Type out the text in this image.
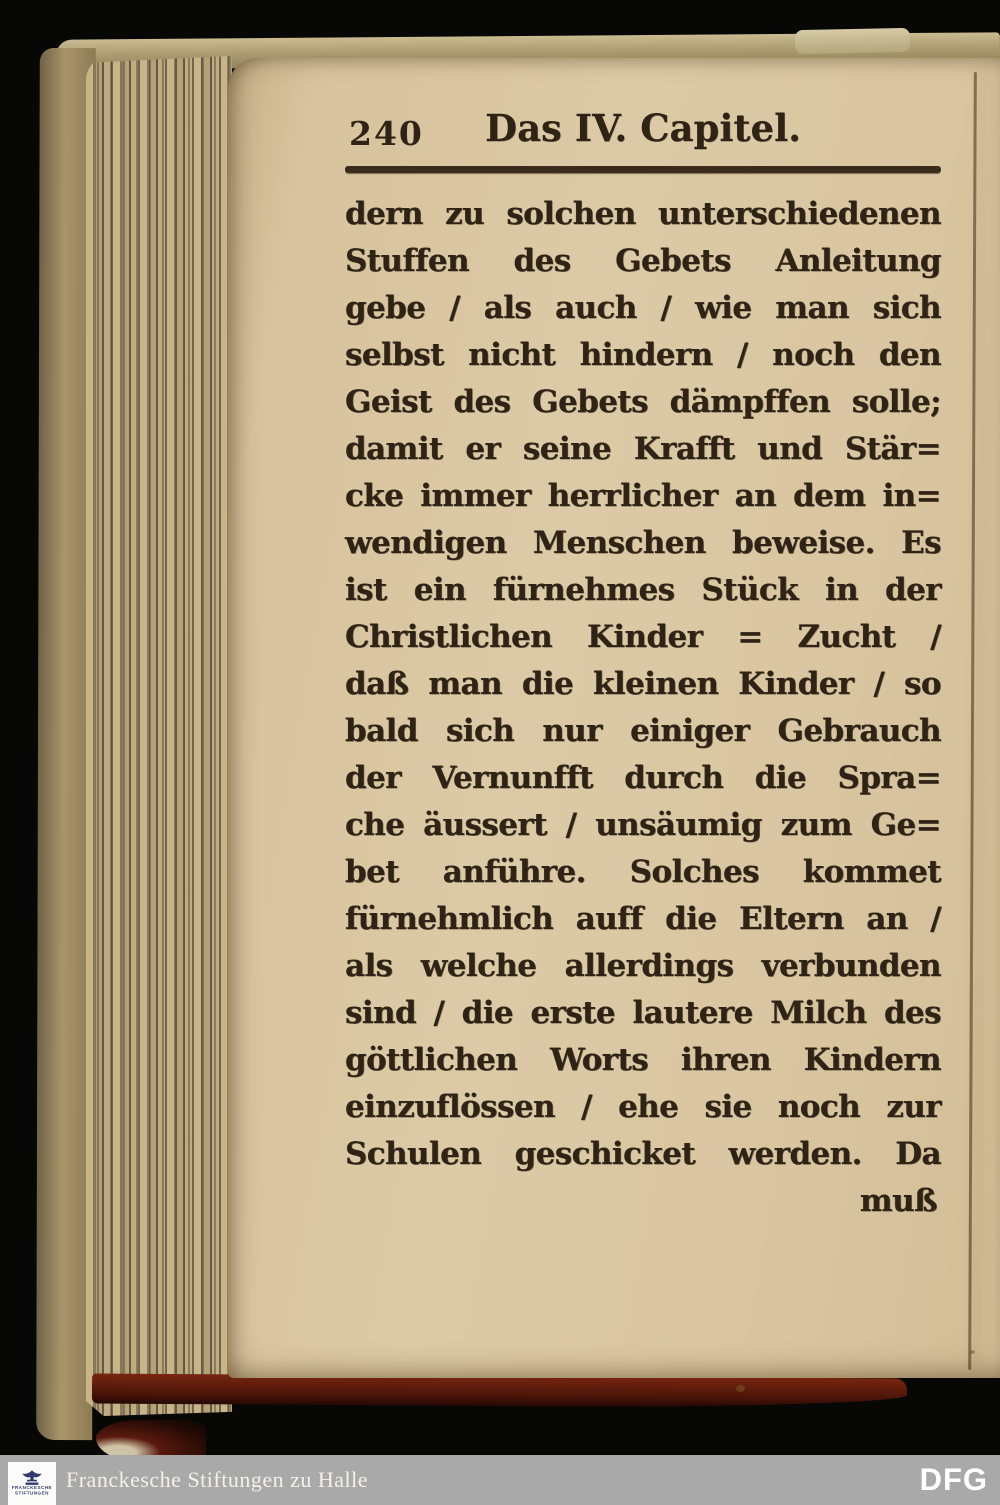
240	Das IV. Capitel.
dern zu solchen unterschiedenen
Stuffen des Gebets Anleitung
gebe / als auch / wie man sich
selbst nicht hindern / noch den
Geist des Gebets dämpffen solle;
damit er seine Krafft und Stär=
cke immer herrlicher an dem in=
wendigen Menschen beweise. Es
ist ein fürnehmes Stück in der
Christlichen Kinder = Zucht /
daß man die kleinen Kinder / so
bald sich nur einiger Gebrauch
der Vernunfft durch die Spra=
che äussert / unsäumig zum Ge=
bet anführe. Solches kommet
fürnehmlich auff die Eltern an /
als welche allerdings verbunden
sind / die erste lautere Milch des
göttlichen Worts ihren Kindern
einzuflössen / ehe sie noch zur
Schulen geschicket werden. Da
muß
FRANCKESCHE
STIFTUNGEN
Franckesche Stiftungen zu Halle	DFG
